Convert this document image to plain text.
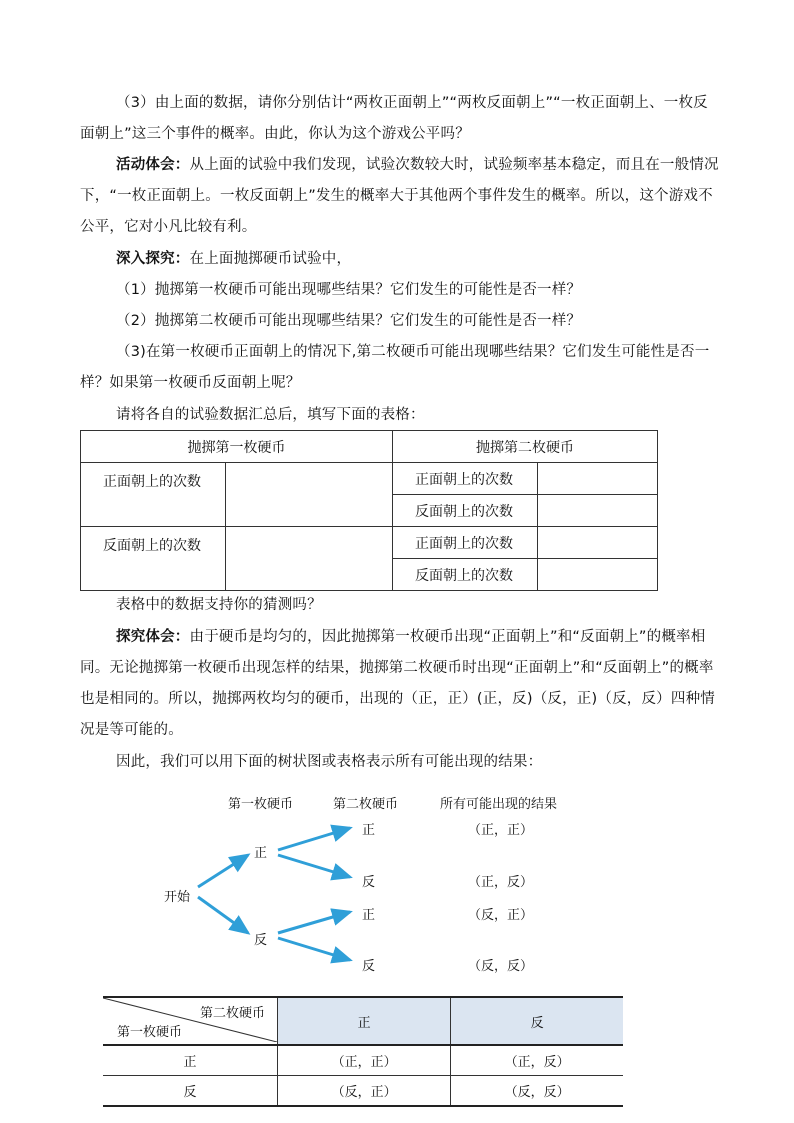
（3）由上面的数据，请你分别估计“两枚正面朝上”“两枚反面朝上”“一枚正面朝上、一枚反面朝上”这三个事件的概率。由此，你认为这个游戏公平吗？

活动体会：从上面的试验中我们发现，试验次数较大时，试验频率基本稳定，而且在一般情况下，“一枚正面朝上。一枚反面朝上”发生的概率大于其他两个事件发生的概率。所以，这个游戏不公平，它对小凡比较有利。

深入探究：在上面抛掷硬币试验中，

（1）抛掷第一枚硬币可能出现哪些结果？它们发生的可能性是否一样？

（2）抛掷第二枚硬币可能出现哪些结果？它们发生的可能性是否一样？

（3)在第一枚硬币正面朝上的情况下,第二枚硬币可能出现哪些结果？它们发生可能性是否一样？如果第一枚硬币反面朝上呢？

请将各自的试验数据汇总后，填写下面的表格：

抛掷第一枚硬币		抛掷第二枚硬币	
正面朝上的次数		正面朝上的次数	
		反面朝上的次数	
反面朝上的次数		正面朝上的次数	
		反面朝上的次数	

表格中的数据支持你的猜测吗？

探究体会：由于硬币是均匀的，因此抛掷第一枚硬币出现“正面朝上”和“反面朝上”的概率相同。无论抛掷第一枚硬币出现怎样的结果，抛掷第二枚硬币时出现“正面朝上”和“反面朝上”的概率也是相同的。所以，抛掷两枚均匀的硬币，出现的（正，正）(正，反)（反，正)（反，反）四种情况是等可能的。

因此，我们可以用下面的树状图或表格表示所有可能出现的结果：

第一枚硬币	第二枚硬币	所有可能出现的结果
开始
正
反
正
反
正
反
（正，正）
（正，反）
（反，正）
（反，反）
第二枚硬币
第一枚硬币	正	反
正	（正，正）	（正，反）
反	（反，正）	（反，反）
